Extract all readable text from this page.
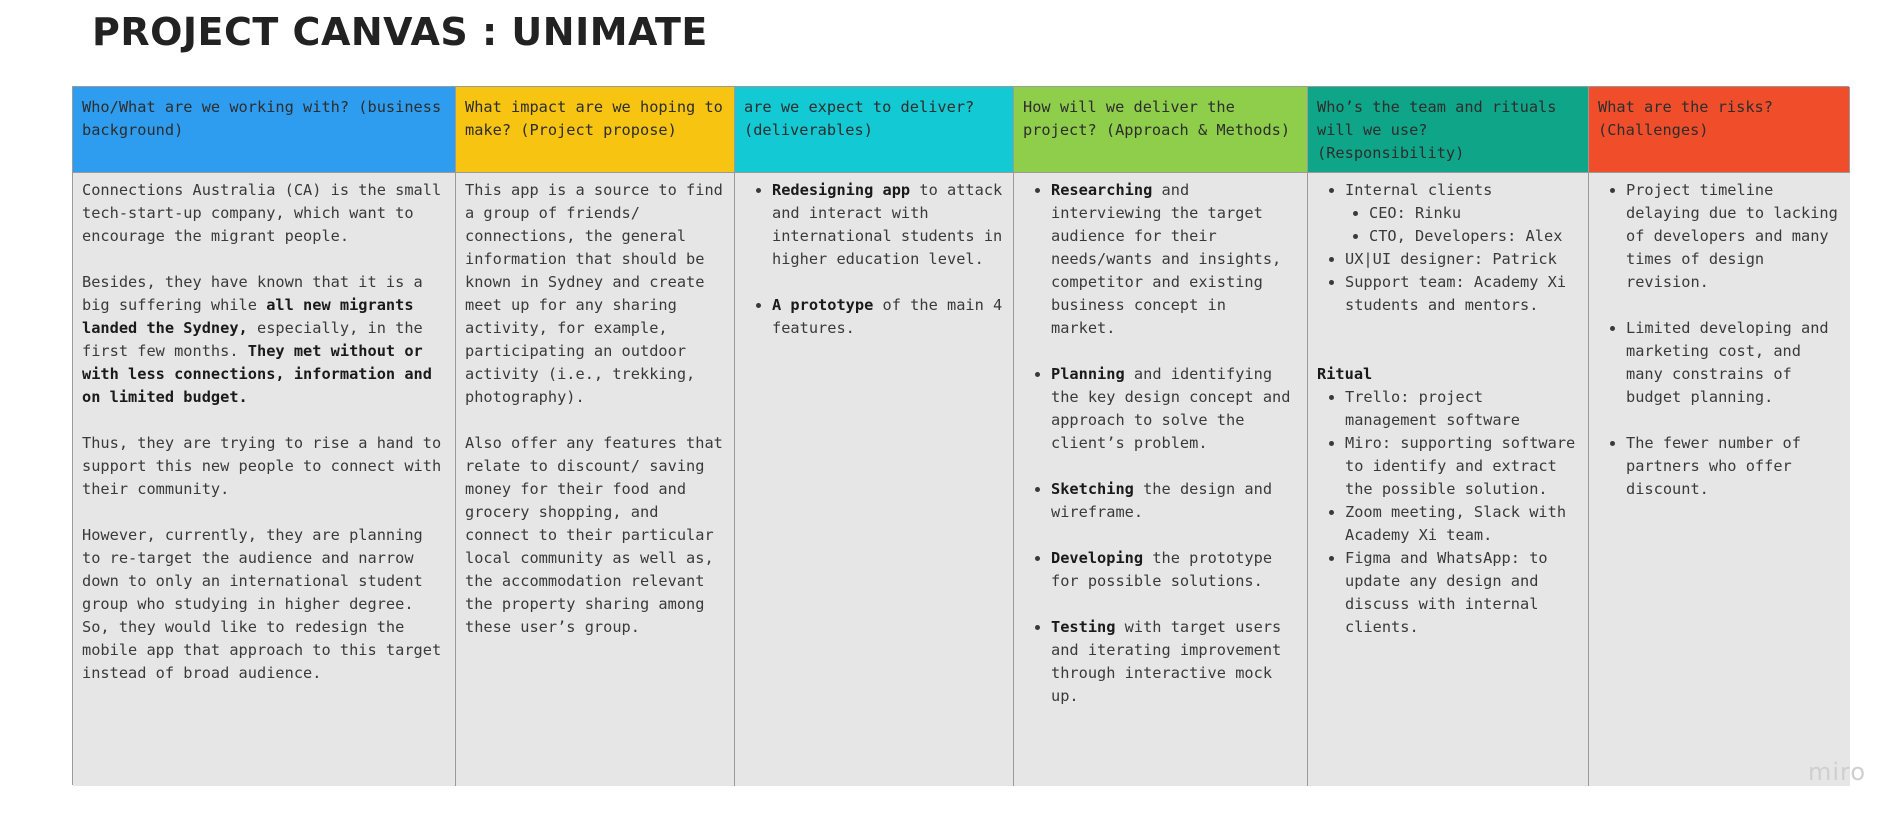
PROJECT CANVAS : UNIMATE
Who/What are we working with? (business background)
What impact are we hoping to make? (Project propose)
are we expect to deliver? (deliverables)
How will we deliver the project? (Approach & Methods)
Who’s the team and rituals will we use? (Responsibility)
What are the risks? (Challenges)

Connections Australia (CA) is the small tech-start-up company, which want to encourage the migrant people.

Besides, they have known that it is a big suffering while all new migrants landed the Sydney, especially, in the first few months. They met without or with less connections, information and on limited budget.

Thus, they are trying to rise a hand to support this new people to connect with their community.

However, currently, they are planning to re-target the audience and narrow down to only an international student group who studying in higher degree. So, they would like to redesign the mobile app that approach to this target instead of broad audience.

This app is a source to find a group of friends/ connections, the general information that should be known in Sydney and create meet up for any sharing activity, for example, participating an outdoor activity (i.e., trekking, photography).

Also offer any features that relate to discount/ saving money for their food and grocery shopping, and connect to their particular local community as well as, the accommodation relevant the property sharing among these user’s group.

• Redesigning app to attack and interact with international students in higher education level.
• A prototype of the main 4 features.
• Researching and interviewing the target audience for their needs/wants and insights, competitor and existing business concept in market.
• Planning and identifying the key design concept and approach to solve the client’s problem.
• Sketching the design and wireframe.
• Developing the prototype for possible solutions.
• Testing with target users and iterating improvement through interactive mock up.
• Internal clients
• CEO: Rinku
• CTO, Developers: Alex
• UX|UI designer: Patrick
• Support team: Academy Xi students and mentors.
Ritual
• Trello: project management software
• Miro: supporting software to identify and extract the possible solution.
• Zoom meeting, Slack with Academy Xi team.
• Figma and WhatsApp: to update any design and discuss with internal clients.
• Project timeline delaying due to lacking of developers and many times of design revision.
• Limited developing and marketing cost, and many constrains of budget planning.
• The fewer number of partners who offer discount.
miro
